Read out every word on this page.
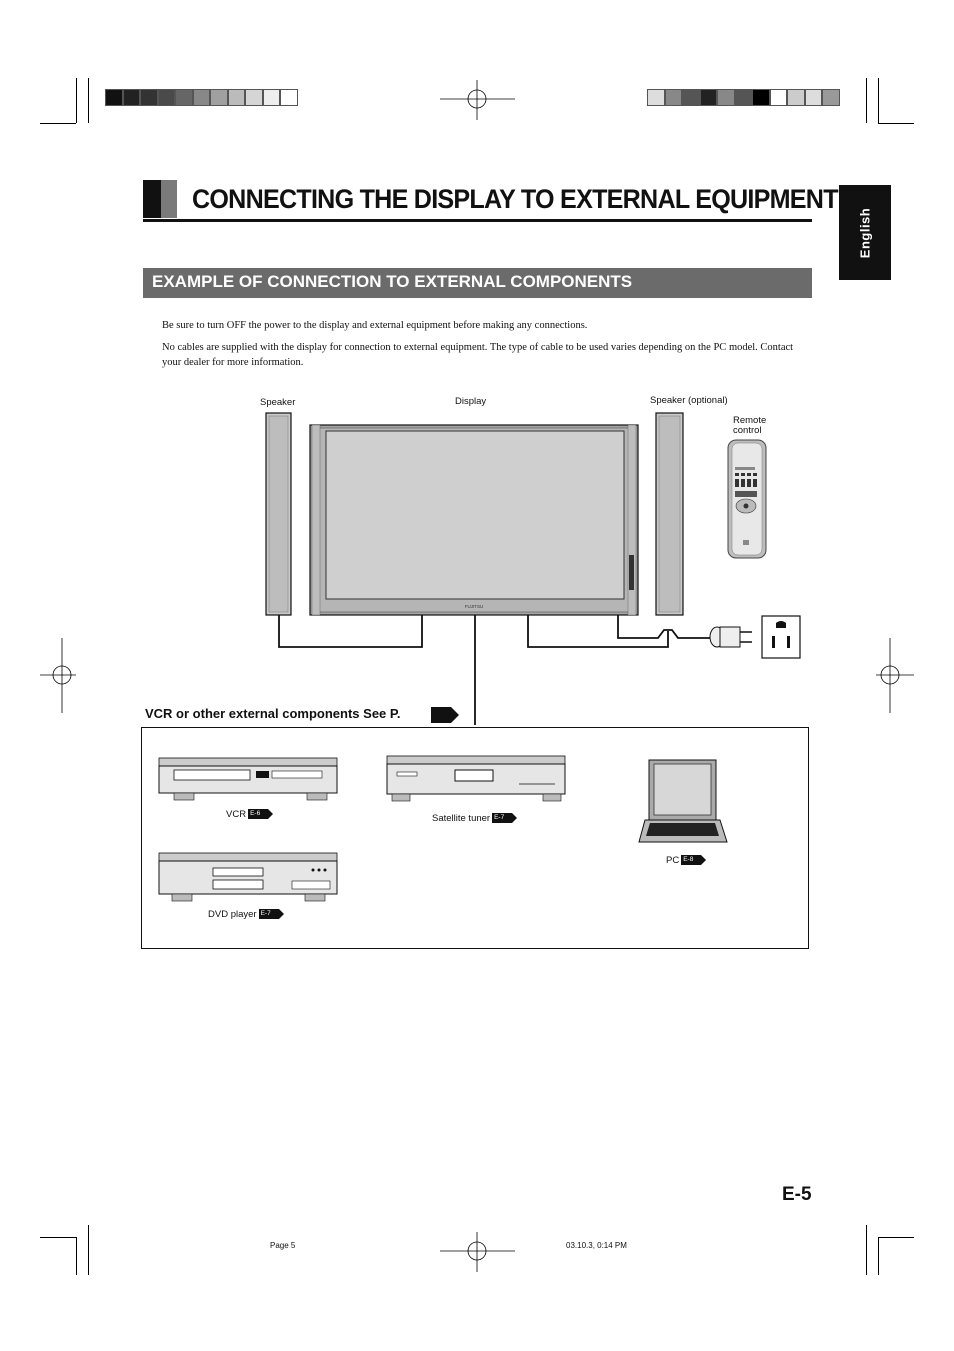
CONNECTING THE DISPLAY TO EXTERNAL EQUIPMENT
English
EXAMPLE OF CONNECTION TO EXTERNAL COMPONENTS
Be sure to turn OFF the power to the display and external equipment before making any connections.
No cables are supplied with the display for connection to external equipment. The type of cable to be used varies depending on the PC model. Contact your dealer for more information.
Speaker	Display	Speaker (optional)
Remote control
FUJITSU
VCR or other external components See P.
VCR E-6	Satellite tuner E-7
PC E-8
DVD player E-7
E-5
Page 5	03.10.3, 0:14 PM
